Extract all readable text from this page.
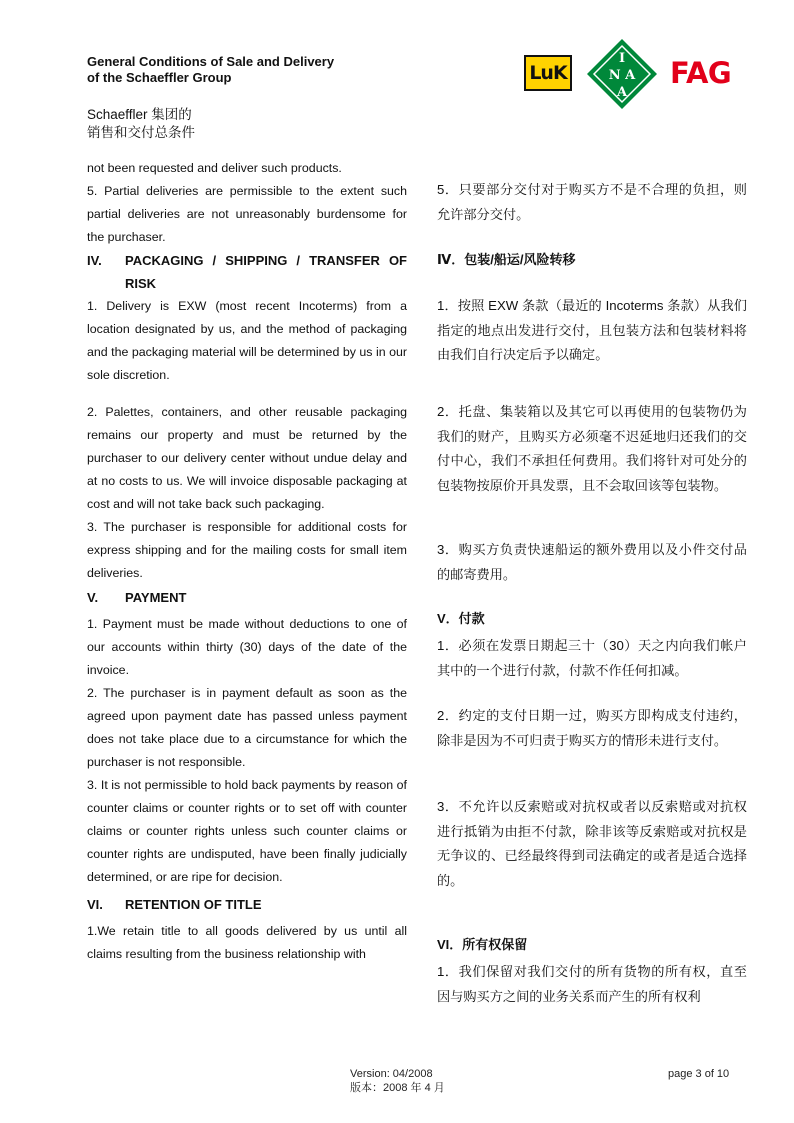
General Conditions of Sale and Delivery
of the Schaeffler Group
Schaeffler 集团的
销售和交付总条件
LuK
I
N A
A
FAG

not been requested and deliver such products.

5. Partial deliveries are permissible to the extent such partial deliveries are not unreasonably burdensome for the purchaser.

IV.	PACKAGING / SHIPPING / TRANSFER OF RISK

1. Delivery is EXW (most recent Incoterms) from a location designated by us, and the method of packaging and the packaging material will be determined by us in our sole discretion.

2. Palettes, containers, and other reusable packaging remains our property and must be returned by the purchaser to our delivery center without undue delay and at no costs to us. We will invoice disposable packaging at cost and will not take back such packaging.

3. The purchaser is responsible for additional costs for express shipping and for the mailing costs for small item deliveries.

V.	PAYMENT

1. Payment must be made without deductions to one of our accounts within thirty (30) days of the date of the invoice.

2. The purchaser is in payment default as soon as the agreed upon payment date has passed unless payment does not take place due to a circumstance for which the purchaser is not responsible.

3. It is not permissible to hold back payments by reason of counter claims or counter rights or to set off with counter claims or counter rights unless such counter claims or counter rights are undisputed, have been finally judicially determined, or are ripe for decision.

VI.	RETENTION OF TITLE

1.We retain title to all goods delivered by us until all claims resulting from the business relationship with

5．只要部分交付对于购买方不是不合理的负担，则允许部分交付。

Ⅳ．包装/船运/风险转移

1．按照 EXW 条款（最近的 Incoterms 条款）从我们指定的地点出发进行交付，且包装方法和包装材料将由我们自行决定后予以确定。

2．托盘、集装箱以及其它可以再使用的包装物仍为我们的财产，且购买方必须毫不迟延地归还我们的交付中心，我们不承担任何费用。我们将针对可处分的包装物按原价开具发票，且不会取回该等包装物。

3．购买方负责快速船运的额外费用以及小件交付品的邮寄费用。

V．付款

1．必须在发票日期起三十（30）天之内向我们帐户其中的一个进行付款，付款不作任何扣减。

2．约定的支付日期一过，购买方即构成支付违约，除非是因为不可归责于购买方的情形未进行支付。

3．不允许以反索赔或对抗权或者以反索赔或对抗权进行抵销为由拒不付款，除非该等反索赔或对抗权是无争议的、已经最终得到司法确定的或者是适合选择的。

VI．所有权保留

1．我们保留对我们交付的所有货物的所有权，直至因与购买方之间的业务关系而产生的所有权利

Version: 04/2008
版本：2008 年 4 月
page 3 of 10
